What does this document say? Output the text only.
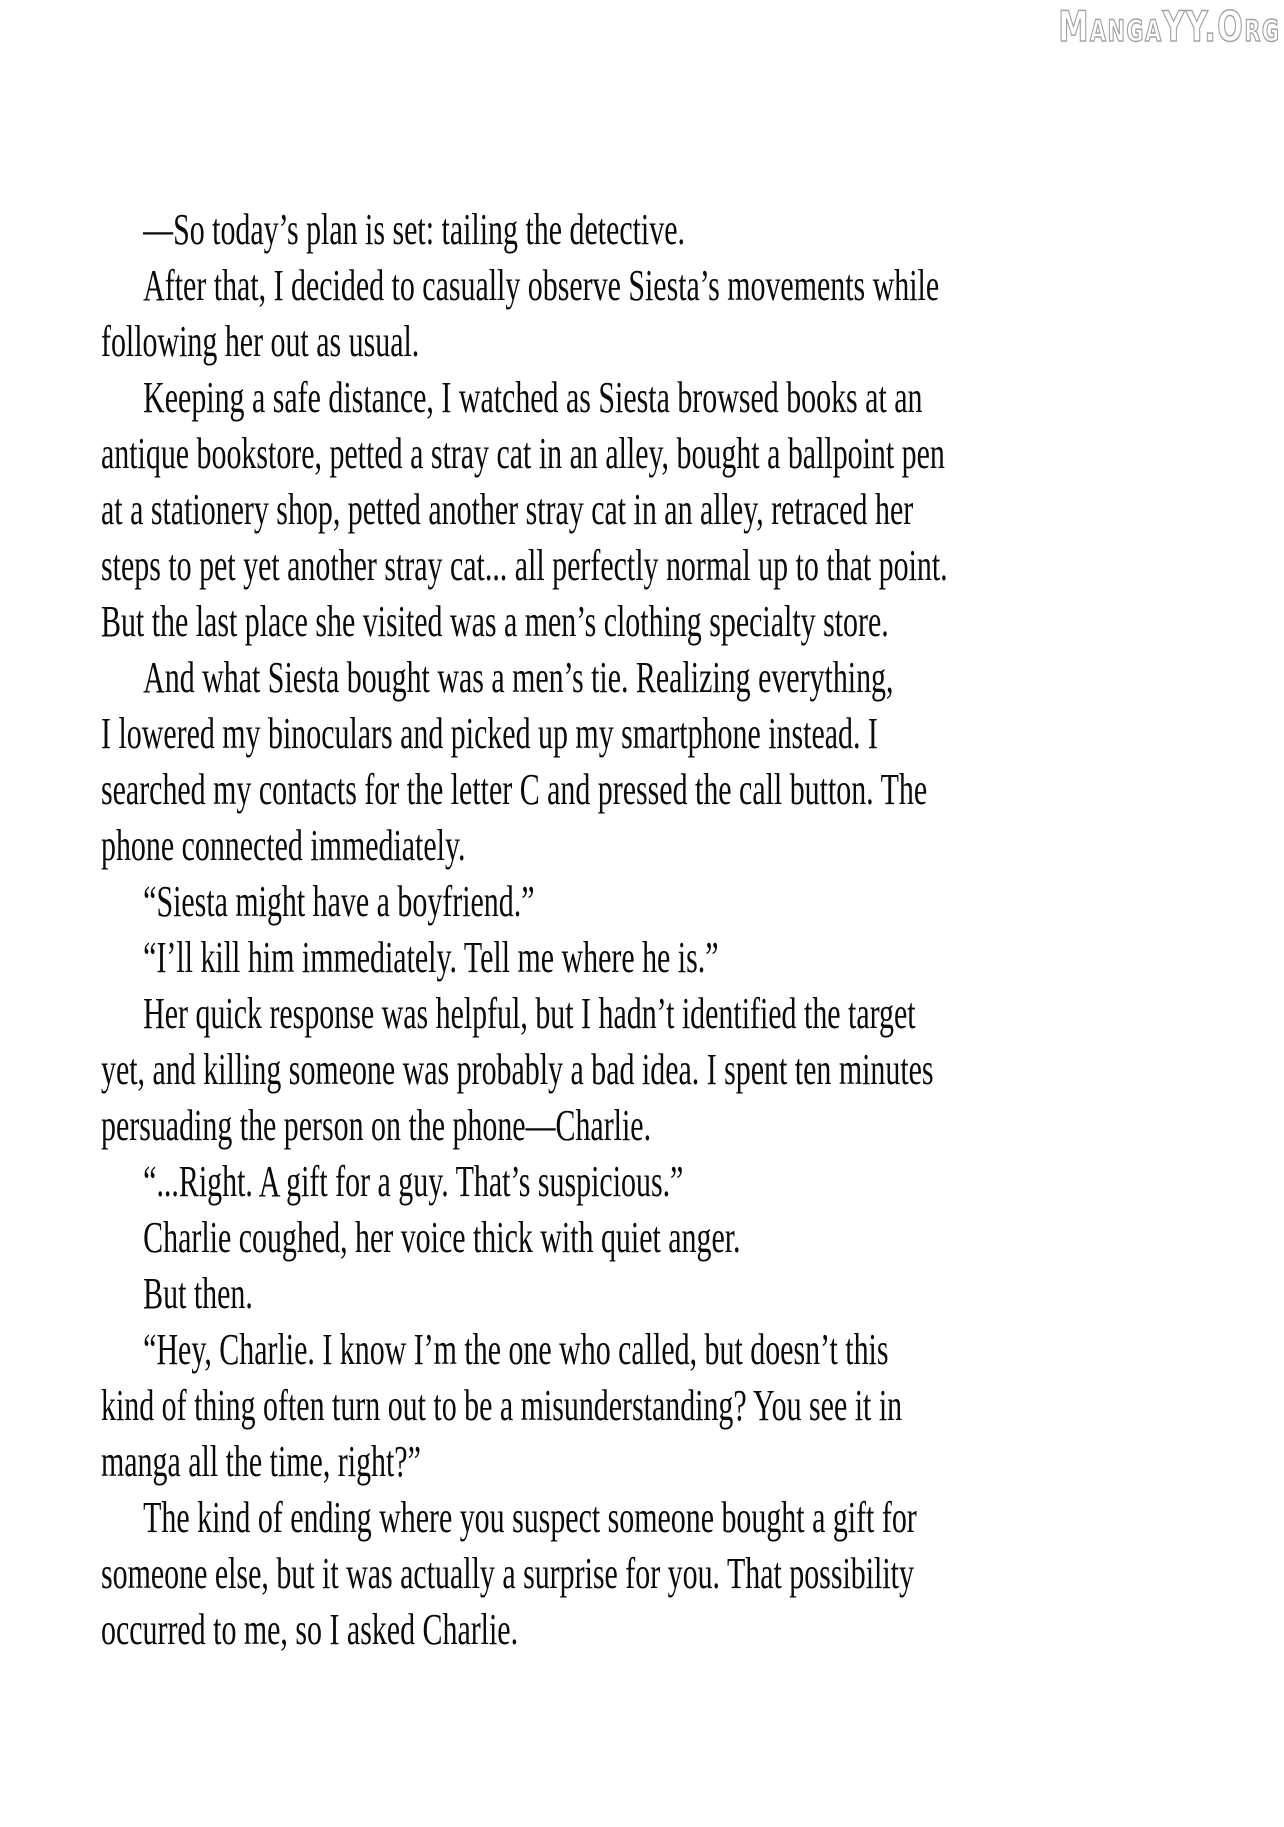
MangaYY.Org

—So today’s plan is set: tailing the detective.

After that, I decided to casually observe Siesta’s movements while
following her out as usual.

Keeping a safe distance, I watched as Siesta browsed books at an
antique bookstore, petted a stray cat in an alley, bought a ballpoint pen
at a stationery shop, petted another stray cat in an alley, retraced her
steps to pet yet another stray cat... all perfectly normal up to that point.
But the last place she visited was a men’s clothing specialty store.

And what Siesta bought was a men’s tie. Realizing everything,
I lowered my binoculars and picked up my smartphone instead. I
searched my contacts for the letter C and pressed the call button. The
phone connected immediately.

“Siesta might have a boyfriend.”

“I’ll kill him immediately. Tell me where he is.”

Her quick response was helpful, but I hadn’t identified the target
yet, and killing someone was probably a bad idea. I spent ten minutes
persuading the person on the phone—Charlie.

“...Right. A gift for a guy. That’s suspicious.”

Charlie coughed, her voice thick with quiet anger.

But then.

“Hey, Charlie. I know I’m the one who called, but doesn’t this
kind of thing often turn out to be a misunderstanding? You see it in
manga all the time, right?”

The kind of ending where you suspect someone bought a gift for
someone else, but it was actually a surprise for you. That possibility
occurred to me, so I asked Charlie.
